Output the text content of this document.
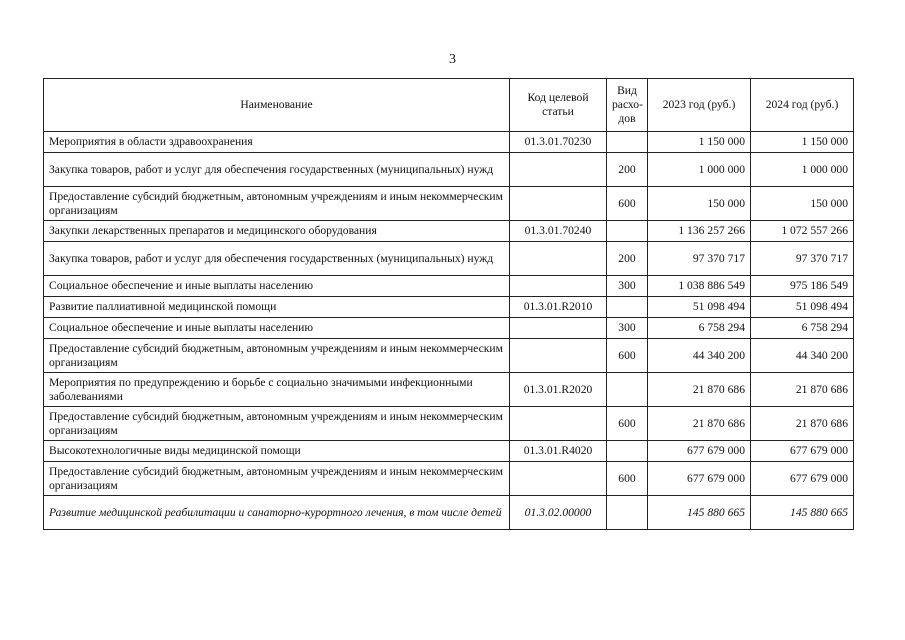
3
Наименование	Код целевой статьи	Вид расхо-дов	2023 год (руб.)	2024 год (руб.)
Мероприятия в области здравоохранения	01.3.01.70230		1 150 000	1 150 000
Закупка товаров, работ и услуг для обеспечения государственных (муниципальных) нужд		200	1 000 000	1 000 000
Предоставление субсидий бюджетным, автономным учреждениям и иным некоммерческим организациям		600	150 000	150 000
Закупки лекарственных препаратов и медицинского оборудования	01.3.01.70240		1 136 257 266	1 072 557 266
Закупка товаров, работ и услуг для обеспечения государственных (муниципальных) нужд		200	97 370 717	97 370 717
Социальное обеспечение и иные выплаты населению		300	1 038 886 549	975 186 549
Развитие паллиативной медицинской помощи	01.3.01.R2010		51 098 494	51 098 494
Социальное обеспечение и иные выплаты населению		300	6 758 294	6 758 294
Предоставление субсидий бюджетным, автономным учреждениям и иным некоммерческим организациям		600	44 340 200	44 340 200
Мероприятия по предупреждению и борьбе с социально значимыми инфекционными заболеваниями	01.3.01.R2020		21 870 686	21 870 686
Предоставление субсидий бюджетным, автономным учреждениям и иным некоммерческим организациям		600	21 870 686	21 870 686
Высокотехнологичные виды медицинской помощи	01.3.01.R4020		677 679 000	677 679 000
Предоставление субсидий бюджетным, автономным учреждениям и иным некоммерческим организациям		600	677 679 000	677 679 000
Развитие медицинской реабилитации и санаторно-курортного лечения, в том числе детей	01.3.02.00000		145 880 665	145 880 665
